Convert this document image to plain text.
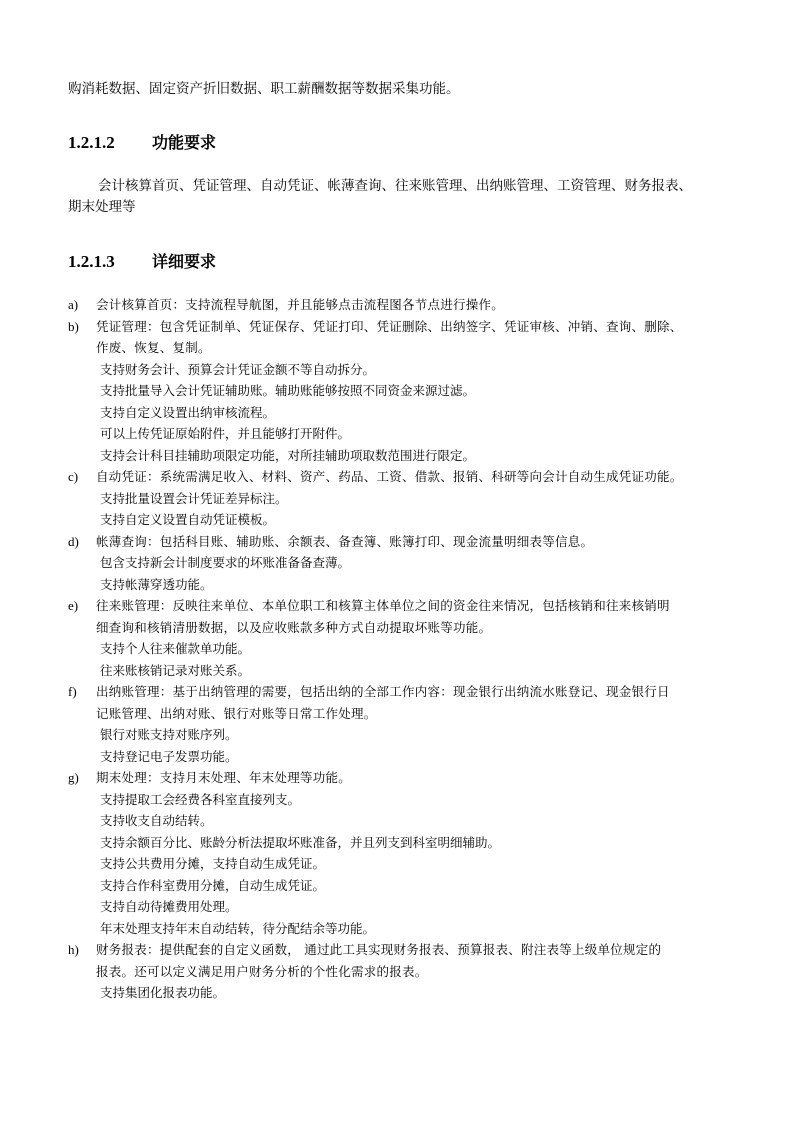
购消耗数据、固定资产折旧数据、职工薪酬数据等数据采集功能。
1.2.1.2	功能要求
会计核算首页、凭证管理、自动凭证、帐薄查询、往来账管理、出纳账管理、工资管理、财务报表、
期末处理等
1.2.1.3	详细要求
a)	会计核算首页：支持流程导航图，并且能够点击流程图各节点进行操作。
b)	凭证管理：包含凭证制单、凭证保存、凭证打印、凭证删除、出纳签字、凭证审核、冲销、查询、删除、
作废、恢复、复制。
支持财务会计、预算会计凭证金额不等自动拆分。
支持批量导入会计凭证辅助账。辅助账能够按照不同资金来源过滤。
支持自定义设置出纳审核流程。
可以上传凭证原始附件，并且能够打开附件。
支持会计科目挂辅助项限定功能，对所挂辅助项取数范围进行限定。
c)	自动凭证：系统需满足收入、材料、资产、药品、工资、借款、报销、科研等向会计自动生成凭证功能。
支持批量设置会计凭证差异标注。
支持自定义设置自动凭证模板。
d)	帐薄查询：包括科目账、辅助账、余额表、备查簿、账簿打印、现金流量明细表等信息。
包含支持新会计制度要求的坏账准备备查薄。
支持帐薄穿透功能。
e)	往来账管理：反映往来单位、本单位职工和核算主体单位之间的资金往来情况，包括核销和往来核销明
细查询和核销清册数据，以及应收账款多种方式自动提取坏账等功能。
支持个人往来催款单功能。
往来账核销记录对账关系。
f)	出纳账管理：基于出纳管理的需要，包括出纳的全部工作内容：现金银行出纳流水账登记、现金银行日
记账管理、出纳对账、银行对账等日常工作处理。
银行对账支持对账序列。
支持登记电子发票功能。
g)	期末处理：支持月末处理、年末处理等功能。
支持提取工会经费各科室直接列支。
支持收支自动结转。
支持余额百分比、账龄分析法提取坏账准备，并且列支到科室明细辅助。
支持公共费用分摊，支持自动生成凭证。
支持合作科室费用分摊，自动生成凭证。
支持自动待摊费用处理。
年末处理支持年末自动结转，待分配结余等功能。
h)	财务报表：提供配套的自定义函数， 通过此工具实现财务报表、预算报表、附注表等上级单位规定的
报表。还可以定义满足用户财务分析的个性化需求的报表。
支持集团化报表功能。
